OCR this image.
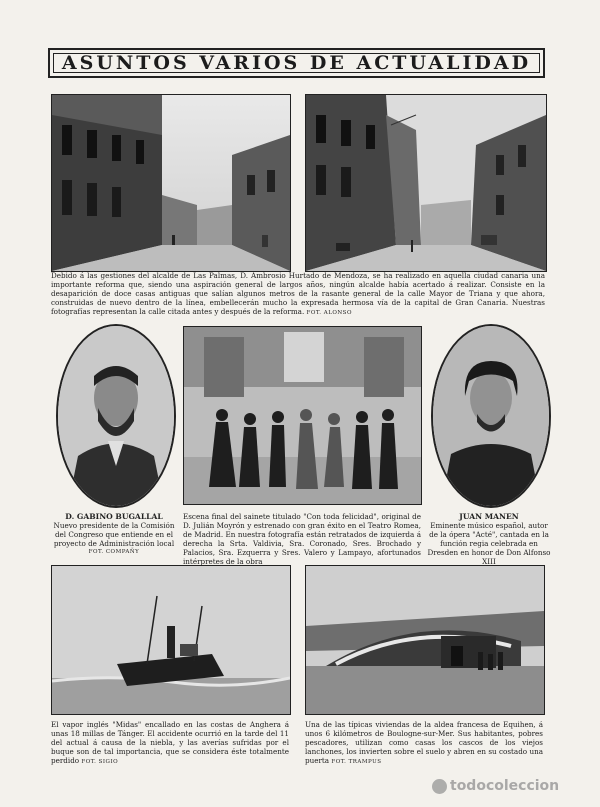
ASUNTOS VARIOS DE ACTUALIDAD
Debido á las gestiones del alcalde de Las Palmas, D. Ambrosio Hurtado de Mendoza, se ha realizado en aquella ciudad canaria una importante reforma que, siendo una aspiración general de largos años, ningún alcalde había acertado á realizar. Consiste en la desaparición de doce casas antiguas que salían algunos metros de la rasante general de la calle Mayor de Triana y que ahora, construidas de nuevo dentro de la línea, embellecerán mucho la expresada hermosa vía de la capital de Gran Canaria. Nuestras fotografías representan la calle citada antes y después de la reforma. FOT. ALONSO
D. GABINO BUGALLAL
Nuevo presidente de la Comisión del Congreso que entiende en el proyecto de Administración local
FOT. COMPAÑY
Escena final del sainete titulado "Con toda felicidad", original de D. Julián Moyrón y estrenado con gran éxito en el Teatro Romea, de Madrid. En nuestra fotografía están retratados de izquierda á derecha la Srta. Valdivia, Sra. Coronado, Sres. Brochado y Palacios, Sra. Ezquerra y Sres. Valero y Lampayo, afortunados intérpretes de la obra
JUAN MANEN
Eminente músico español, autor de la ópera "Acté", cantada en la función regia celebrada en Dresden en honor de Don Alfonso XIII
El vapor inglés "Midas" encallado en las costas de Anghera á unas 18 millas de Tánger. El accidente ocurrió en la tarde del 11 del actual á causa de la niebla, y las averías sufridas por el buque son de tal importancia, que se considera éste totalmente perdido FOT. SIGIO
Una de las típicas viviendas de la aldea francesa de Equihen, á unos 6 kilómetros de Boulogne-sur-Mer. Sus habitantes, pobres pescadores, utilizan como casas los cascos de los viejos lanchones, los invierten sobre el suelo y abren en su costado una puerta FOT. TRAMPUS
todocoleccion
